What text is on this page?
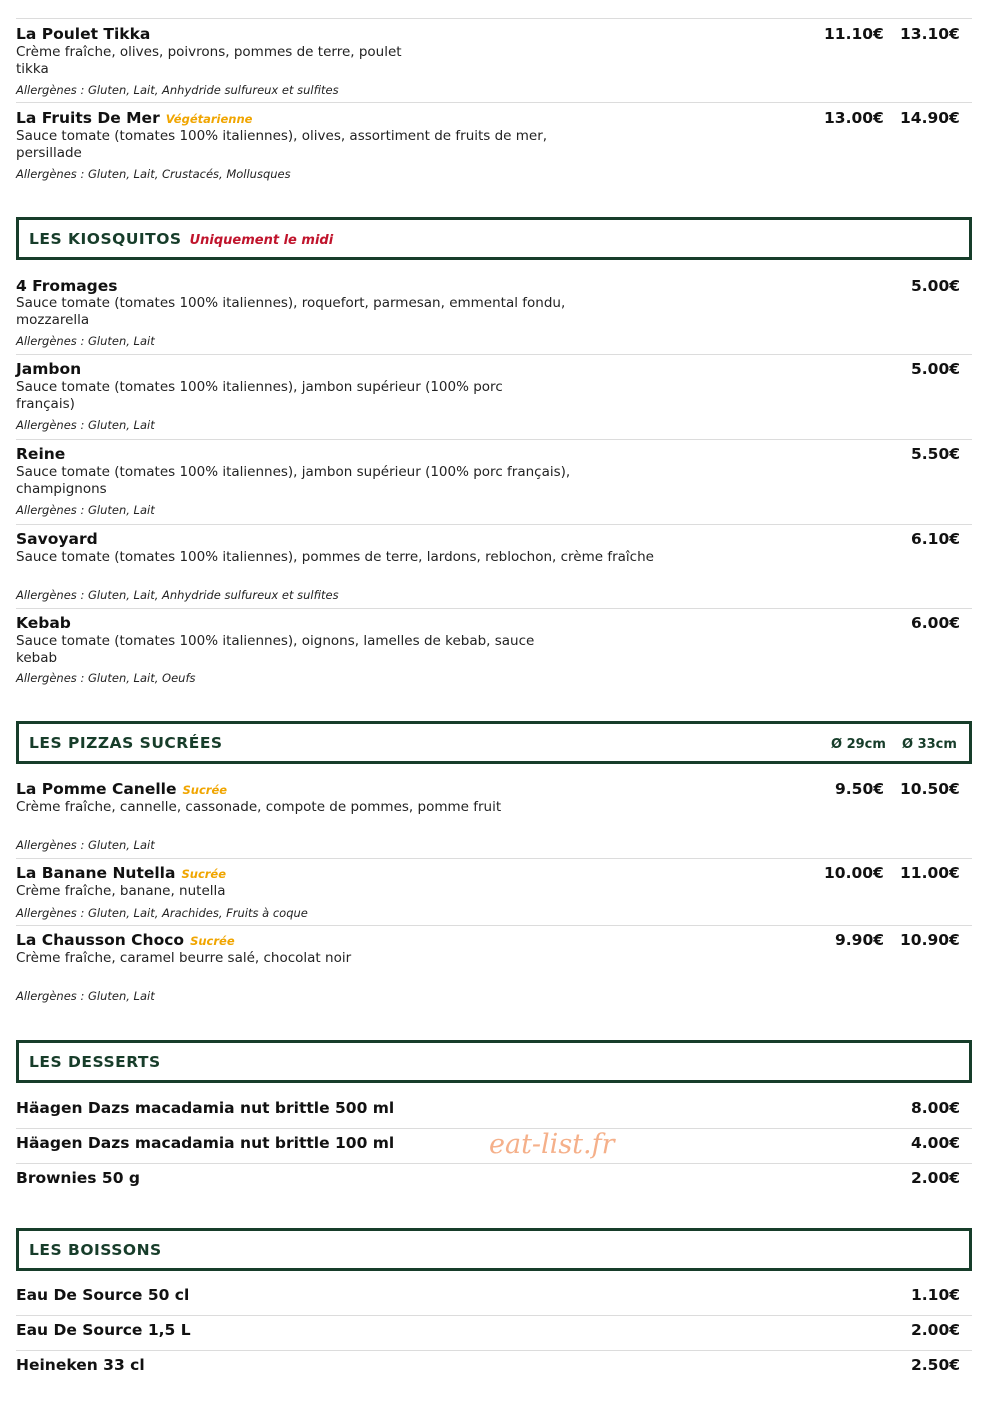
La Poulet Tikka
Crème fraîche, olives, poivrons, pommes de terre, poulet tikka
Allergènes : Gluten, Lait, Anhydride sulfureux et sulfites
11.10€ 13.10€
La Fruits De Mer Végétarienne
Sauce tomate (tomates 100% italiennes), olives, assortiment de fruits de mer, persillade
Allergènes : Gluten, Lait, Crustacés, Mollusques
13.00€ 14.90€
LES KIOSQUITOS Uniquement le midi
4 Fromages
Sauce tomate (tomates 100% italiennes), roquefort, parmesan, emmental fondu, mozzarella
Allergènes : Gluten, Lait
5.00€
Jambon
Sauce tomate (tomates 100% italiennes), jambon supérieur (100% porc français)
Allergènes : Gluten, Lait
5.00€
Reine
Sauce tomate (tomates 100% italiennes), jambon supérieur (100% porc français), champignons
Allergènes : Gluten, Lait
5.50€
Savoyard
Sauce tomate (tomates 100% italiennes), pommes de terre, lardons, reblochon, crème fraîche
Allergènes : Gluten, Lait, Anhydride sulfureux et sulfites
6.10€
Kebab
Sauce tomate (tomates 100% italiennes), oignons, lamelles de kebab, sauce kebab
Allergènes : Gluten, Lait, Oeufs
6.00€
LES PIZZAS SUCRÉES	Ø 29cm Ø 33cm
La Pomme Canelle Sucrée
Crème fraîche, cannelle, cassonade, compote de pommes, pomme fruit
Allergènes : Gluten, Lait
9.50€ 10.50€
La Banane Nutella Sucrée
Crème fraîche, banane, nutella
Allergènes : Gluten, Lait, Arachides, Fruits à coque
10.00€ 11.00€
La Chausson Choco Sucrée
Crème fraîche, caramel beurre salé, chocolat noir
Allergènes : Gluten, Lait
9.90€ 10.90€
LES DESSERTS
Häagen Dazs macadamia nut brittle 500 ml	8.00€
Häagen Dazs macadamia nut brittle 100 ml	4.00€
Brownies 50 g	2.00€
LES BOISSONS
Eau De Source 50 cl	1.10€
Eau De Source 1,5 L	2.00€
Heineken 33 cl	2.50€
eat-list.fr
